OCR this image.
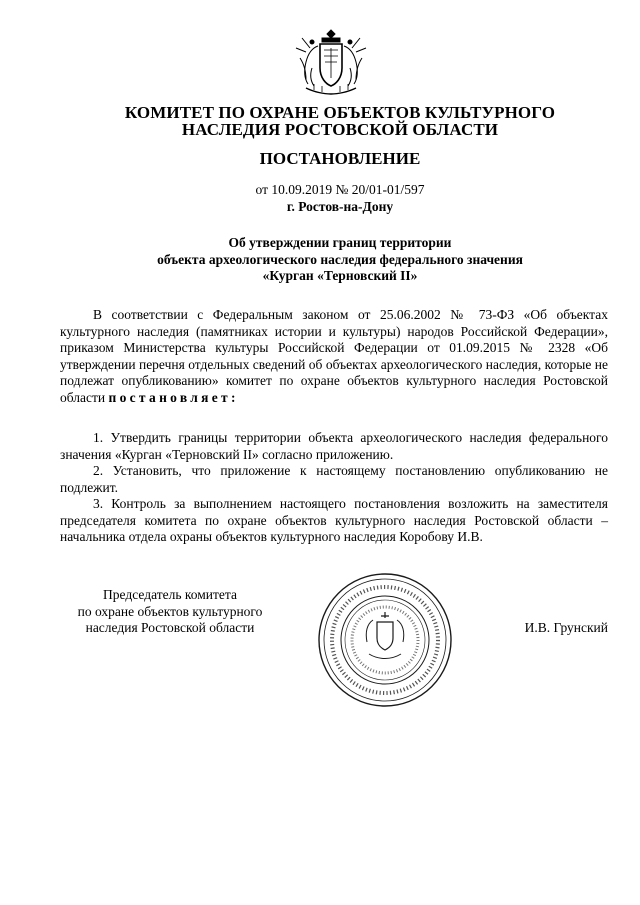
КОМИТЕТ ПО ОХРАНЕ ОБЪЕКТОВ КУЛЬТУРНОГО
НАСЛЕДИЯ РОСТОВСКОЙ ОБЛАСТИ
ПОСТАНОВЛЕНИЕ
от 10.09.2019 № 20/01-01/597
г. Ростов-на-Дону
Об утверждении границ территории
объекта археологического наследия федерального значения
«Курган «Терновский II»
В соответствии с Федеральным законом от 25.06.2002 № 73-ФЗ «Об объектах культурного наследия (памятниках истории и культуры) народов Российской Федерации», приказом Министерства культуры Российской Федерации от 01.09.2015 № 2328 «Об утверждении перечня отдельных сведений об объектах археологического наследия, которые не подлежат опубликованию» комитет по охране объектов культурного наследия Ростовской области постановляет:

1. Утвердить границы территории объекта археологического наследия федерального значения «Курган «Терновский II» согласно приложению.

2. Установить, что приложение к настоящему постановлению опубликованию не подлежит.

3. Контроль за выполнением настоящего постановления возложить на заместителя председателя комитета по охране объектов культурного наследия Ростовской области – начальника отдела охраны объектов культурного наследия Коробову И.В.

Председатель комитета
по охране объектов культурного
наследия Ростовской области	И.В. Грунский
